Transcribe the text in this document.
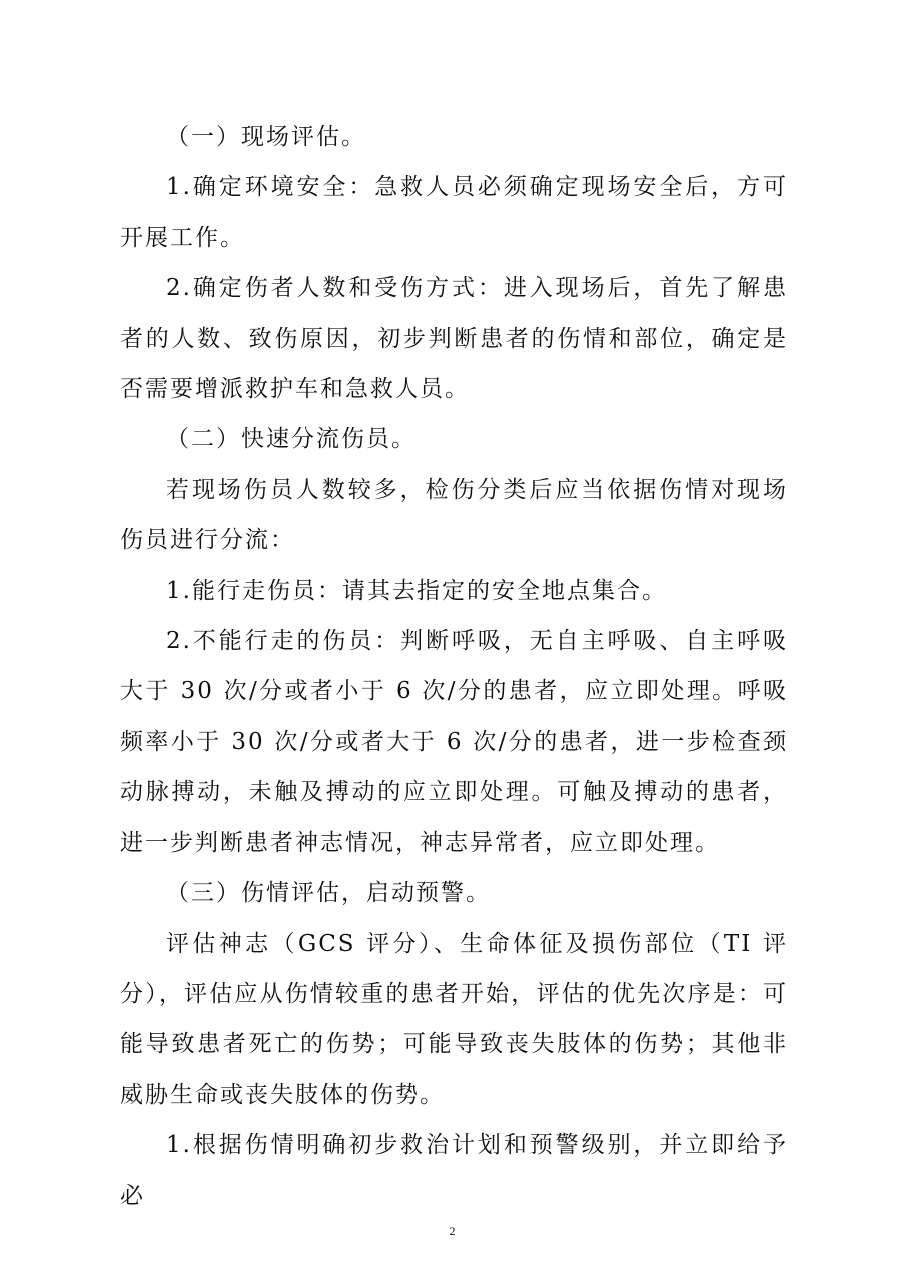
（一）现场评估。

1.确定环境安全：急救人员必须确定现场安全后，方可开展工作。

2.确定伤者人数和受伤方式：进入现场后，首先了解患者的人数、致伤原因，初步判断患者的伤情和部位，确定是否需要增派救护车和急救人员。

（二）快速分流伤员。

若现场伤员人数较多，检伤分类后应当依据伤情对现场伤员进行分流：

1.能行走伤员：请其去指定的安全地点集合。

2.不能行走的伤员：判断呼吸，无自主呼吸、自主呼吸大于 30 次/分或者小于 6 次/分的患者，应立即处理。呼吸频率小于 30 次/分或者大于 6 次/分的患者，进一步检查颈动脉搏动，未触及搏动的应立即处理。可触及搏动的患者，进一步判断患者神志情况，神志异常者，应立即处理。

（三）伤情评估，启动预警。

评估神志（GCS 评分）、生命体征及损伤部位（TI 评分），评估应从伤情较重的患者开始，评估的优先次序是：可能导致患者死亡的伤势；可能导致丧失肢体的伤势；其他非威胁生命或丧失肢体的伤势。

1.根据伤情明确初步救治计划和预警级别，并立即给予必

2
